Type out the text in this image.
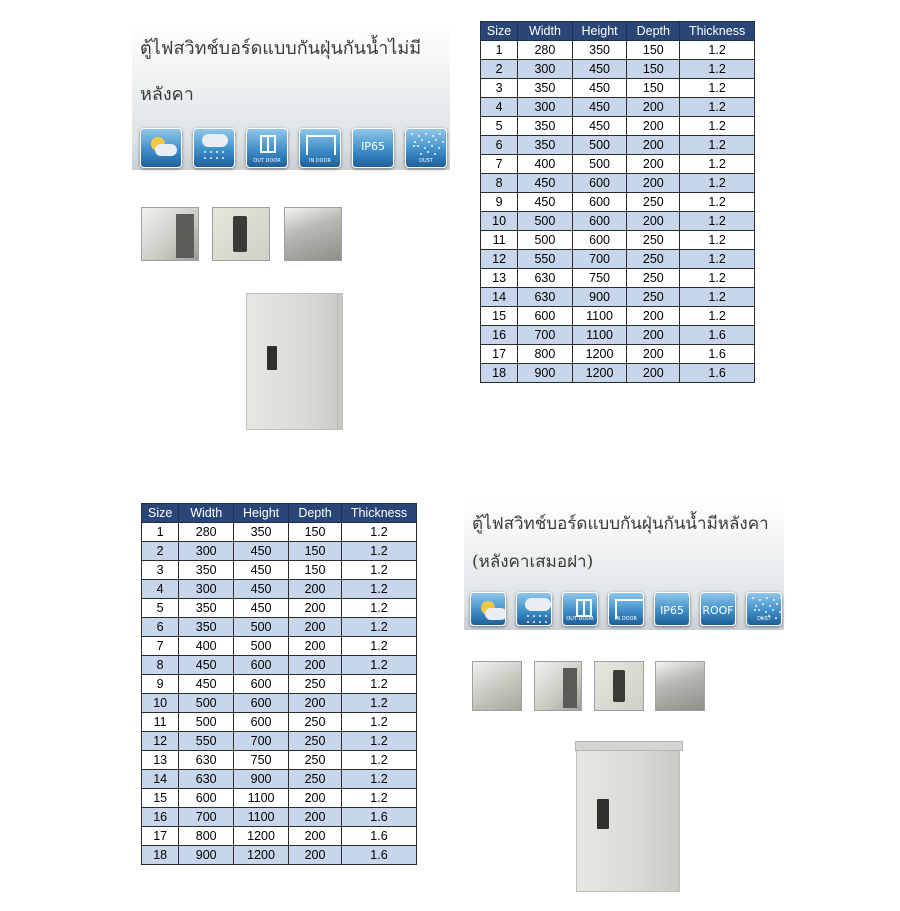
ตู้ไฟสวิทช์บอร์ดแบบกันฝุ่นกันน้ำไม่มี
หลังคา
OUT DOOR	IN DOOR
IP65
DUST
Size	Width	Height	Depth	Thickness
1	280	350	150	1.2
2	300	450	150	1.2
3	350	450	150	1.2
4	300	450	200	1.2
5	350	450	200	1.2
6	350	500	200	1.2
7	400	500	200	1.2
8	450	600	200	1.2
9	450	600	250	1.2
10	500	600	200	1.2
11	500	600	250	1.2
12	550	700	250	1.2
13	630	750	250	1.2
14	630	900	250	1.2
15	600	1100	200	1.2
16	700	1100	200	1.6
17	800	1200	200	1.6
18	900	1200	200	1.6
Size	Width	Height	Depth	Thickness
1	280	350	150	1.2
2	300	450	150	1.2
3	350	450	150	1.2
4	300	450	200	1.2
5	350	450	200	1.2
6	350	500	200	1.2
7	400	500	200	1.2
8	450	600	200	1.2
9	450	600	250	1.2
10	500	600	200	1.2
11	500	600	250	1.2
12	550	700	250	1.2
13	630	750	250	1.2
14	630	900	250	1.2
15	600	1100	200	1.2
16	700	1100	200	1.6
17	800	1200	200	1.6
18	900	1200	200	1.6
ตู้ไฟสวิทช์บอร์ดแบบกันฝุ่นกันน้ำมีหลังคา
(หลังคาเสมอฝา)
OUT DOOR	IN DOOR
IP65	ROOF
DUST
